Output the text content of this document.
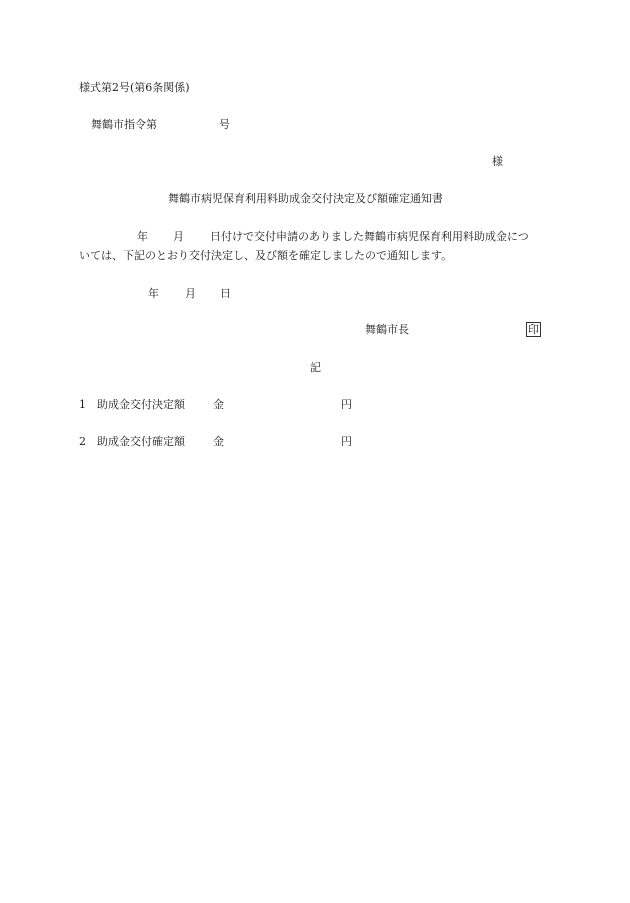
様式第2号(第6条関係)
舞鶴市指令第	号
様
舞鶴市病児保育利用料助成金交付決定及び額確定通知書
年 月 日付けで交付申請のありました舞鶴市病児保育利用料助成金につ
いては、下記のとおり交付決定し、及び額を確定しましたので通知します。
年 月 日
舞鶴市長	印
記
1 助成金交付決定額	金	円
2 助成金交付確定額	金	円
